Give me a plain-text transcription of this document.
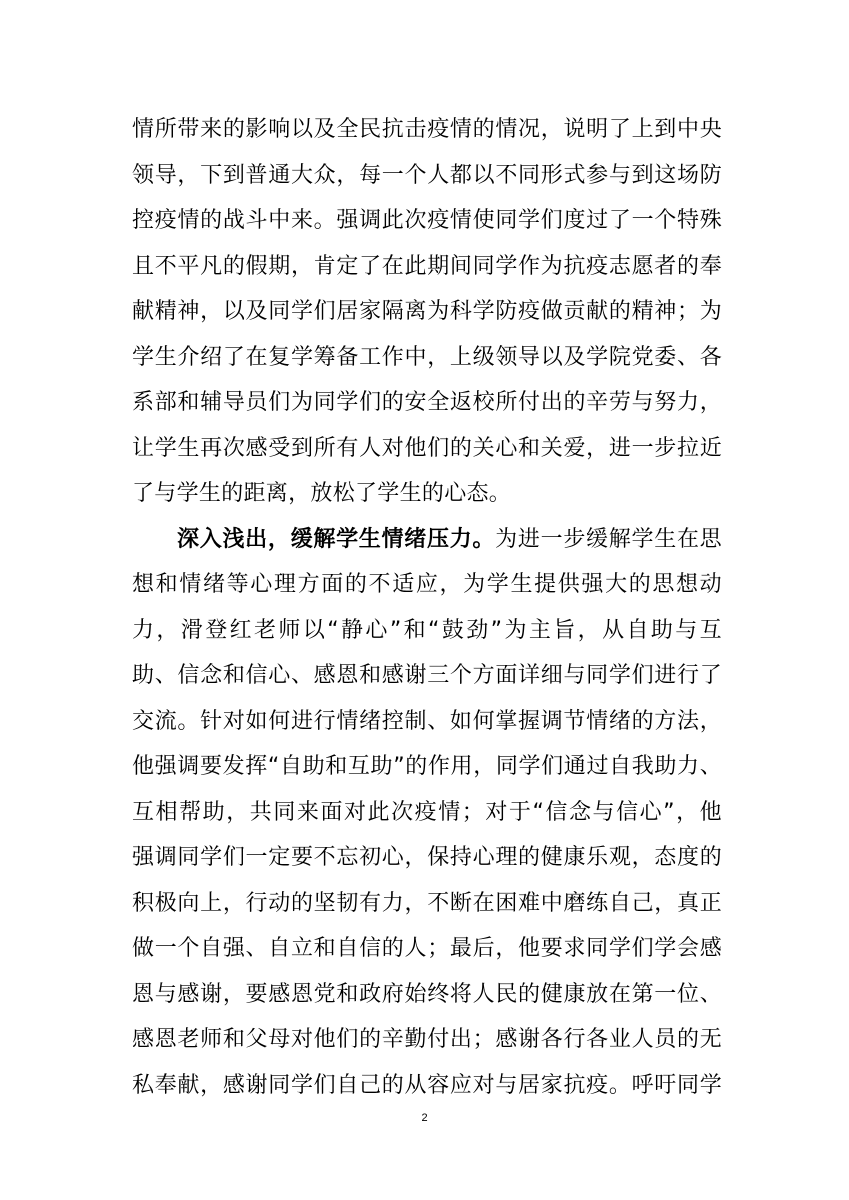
情所带来的影响以及全民抗击疫情的情况，说明了上到中央
领导，下到普通大众，每一个人都以不同形式参与到这场防
控疫情的战斗中来。强调此次疫情使同学们度过了一个特殊
且不平凡的假期，肯定了在此期间同学作为抗疫志愿者的奉
献精神，以及同学们居家隔离为科学防疫做贡献的精神；为
学生介绍了在复学筹备工作中，上级领导以及学院党委、各
系部和辅导员们为同学们的安全返校所付出的辛劳与努力，
让学生再次感受到所有人对他们的关心和关爱，进一步拉近
了与学生的距离，放松了学生的心态。
深入浅出，缓解学生情绪压力。为进一步缓解学生在思
想和情绪等心理方面的不适应，为学生提供强大的思想动
力，滑登红老师以“静心”和“鼓劲”为主旨，从自助与互
助、信念和信心、感恩和感谢三个方面详细与同学们进行了
交流。针对如何进行情绪控制、如何掌握调节情绪的方法，
他强调要发挥“自助和互助”的作用，同学们通过自我助力、
互相帮助，共同来面对此次疫情；对于“信念与信心”，他
强调同学们一定要不忘初心，保持心理的健康乐观，态度的
积极向上，行动的坚韧有力，不断在困难中磨练自己，真正
做一个自强、自立和自信的人；最后，他要求同学们学会感
恩与感谢，要感恩党和政府始终将人民的健康放在第一位、
感恩老师和父母对他们的辛勤付出；感谢各行各业人员的无
私奉献，感谢同学们自己的从容应对与居家抗疫。呼吁同学
2
